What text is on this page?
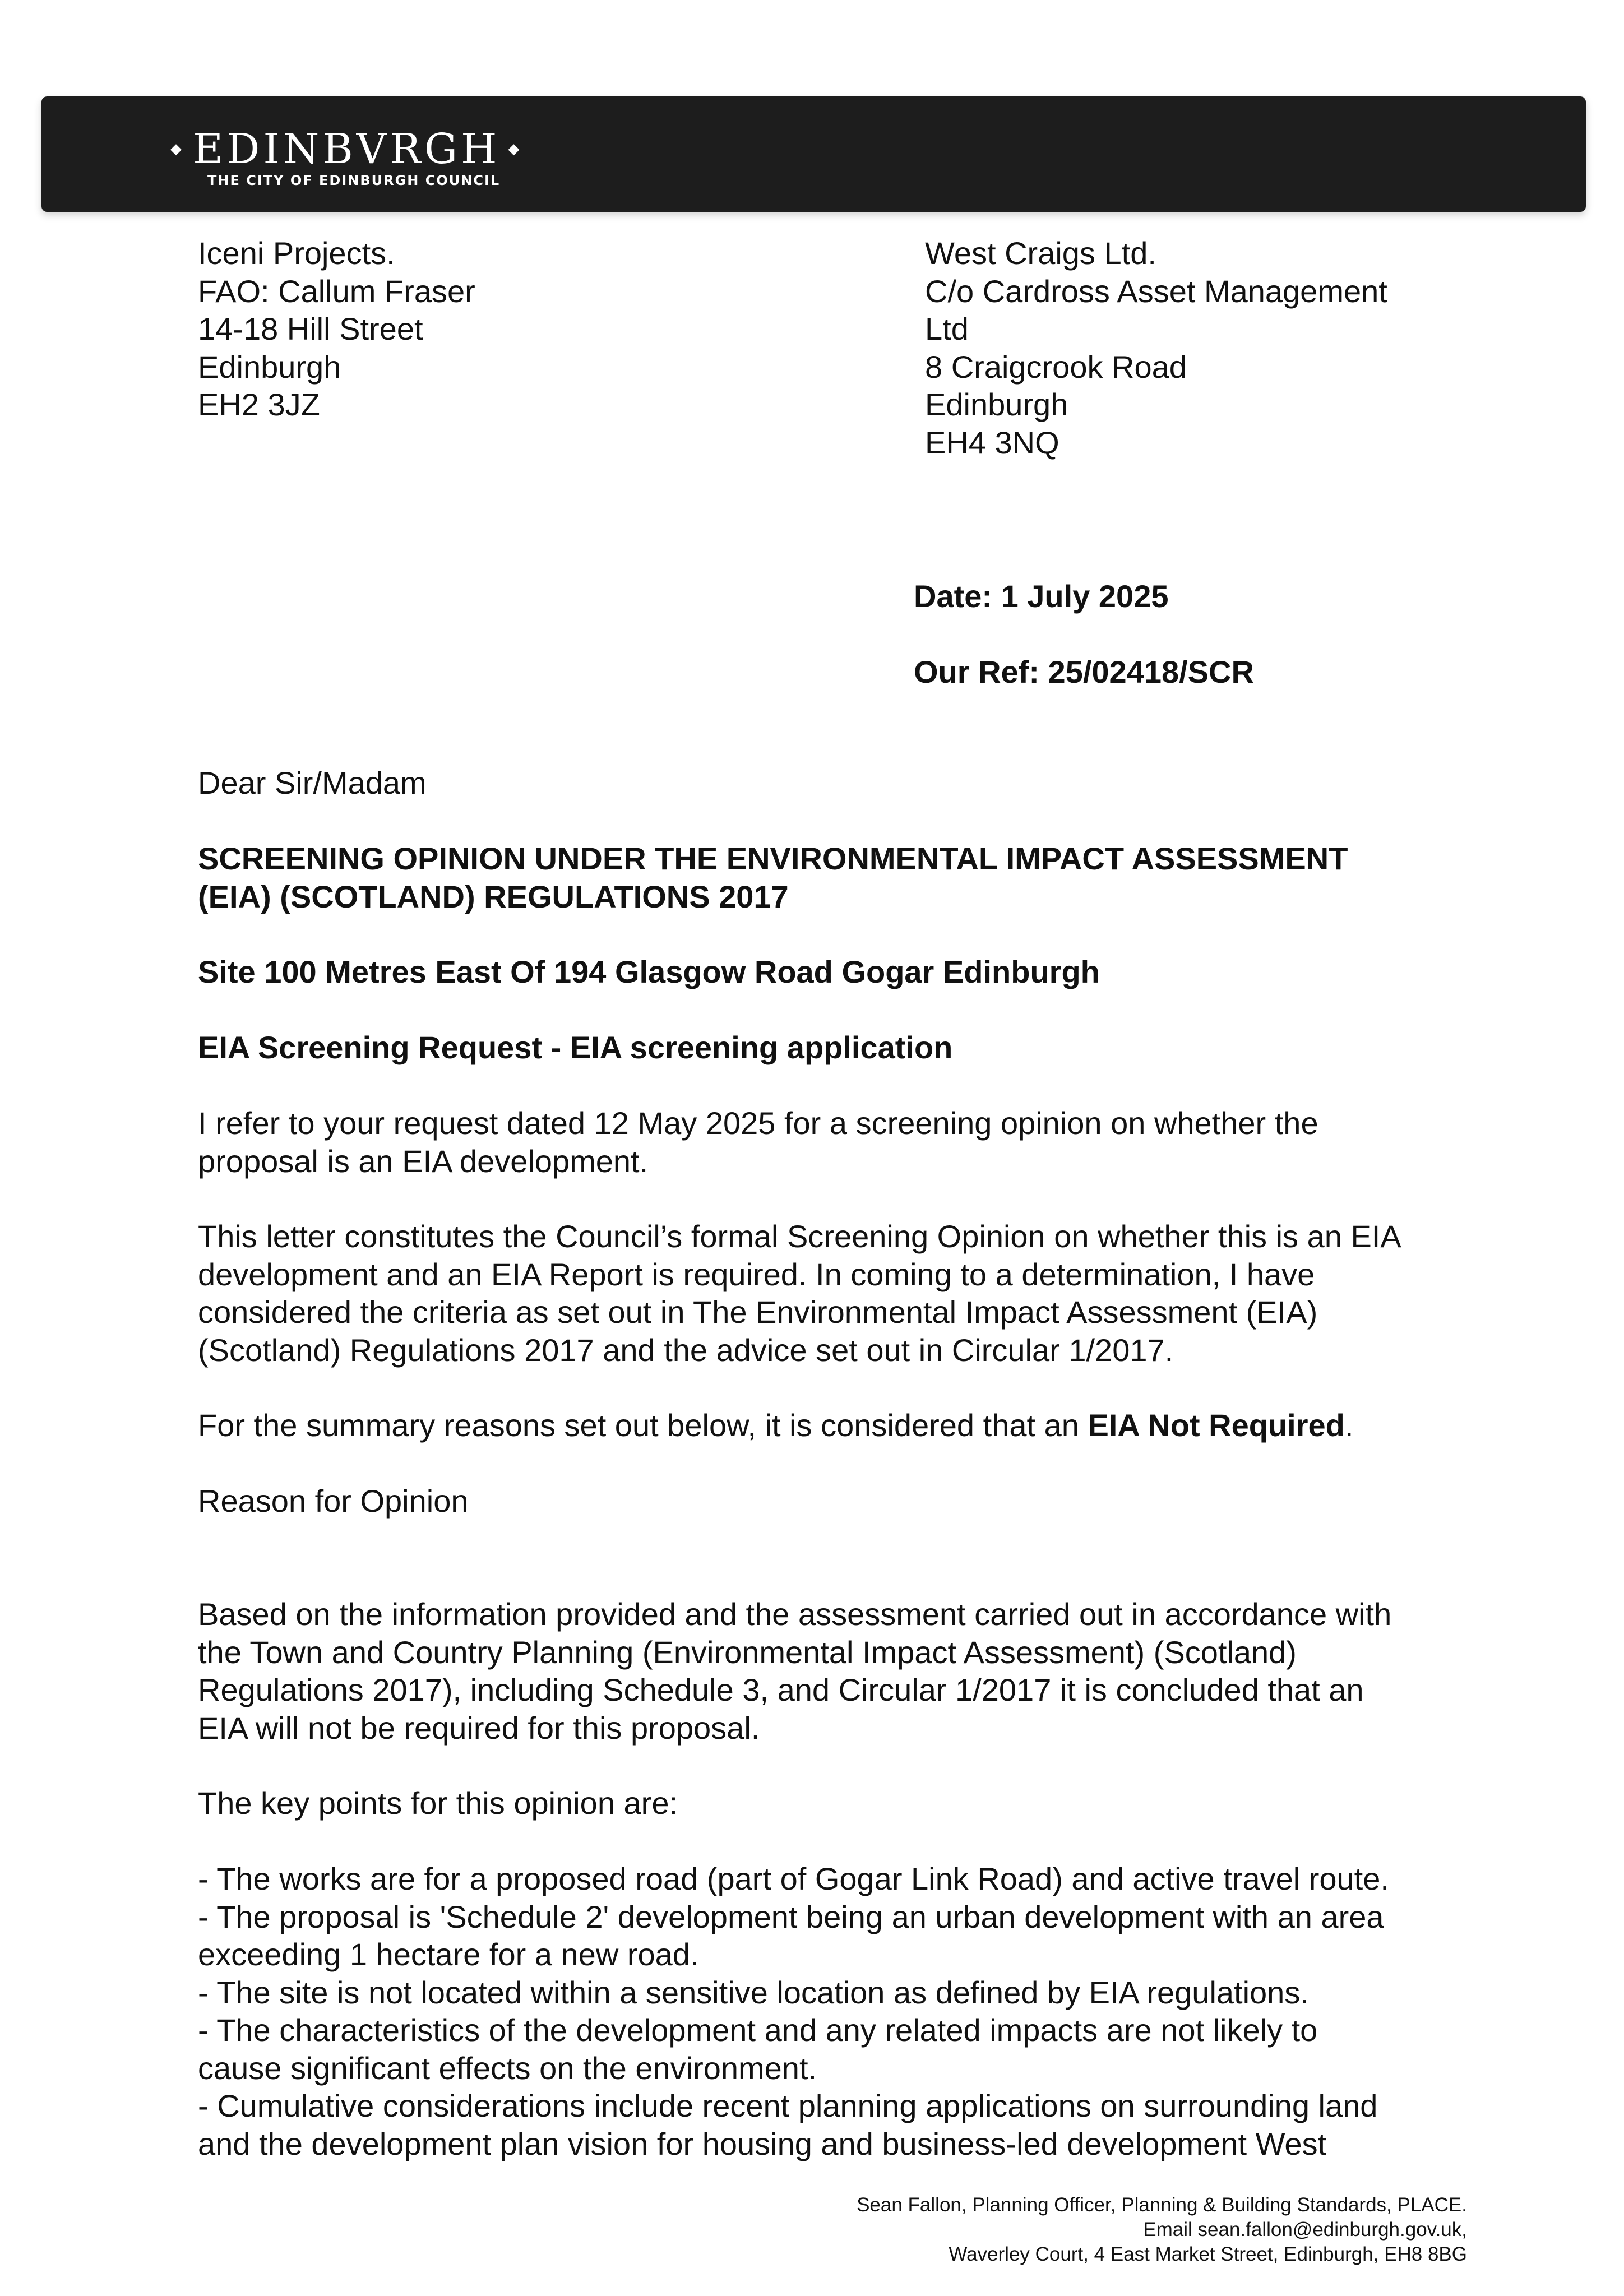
◆ EDINBVRGH ◆
THE CITY OF EDINBURGH COUNCIL
Iceni Projects.
FAO: Callum Fraser
14-18 Hill Street
Edinburgh
EH2 3JZ
West Craigs Ltd.
C/o Cardross Asset Management
Ltd
8 Craigcrook Road
Edinburgh
EH4 3NQ
Date: 1 July 2025
Our Ref: 25/02418/SCR
Dear Sir/Madam
SCREENING OPINION UNDER THE ENVIRONMENTAL IMPACT ASSESSMENT
(EIA) (SCOTLAND) REGULATIONS 2017
Site 100 Metres East Of 194 Glasgow Road Gogar Edinburgh
EIA Screening Request - EIA screening application
I refer to your request dated 12 May 2025 for a screening opinion on whether the
proposal is an EIA development.
This letter constitutes the Council’s formal Screening Opinion on whether this is an EIA
development and an EIA Report is required. In coming to a determination, I have
considered the criteria as set out in The Environmental Impact Assessment (EIA)
(Scotland) Regulations 2017 and the advice set out in Circular 1/2017.
For the summary reasons set out below, it is considered that an EIA Not Required.
Reason for Opinion
Based on the information provided and the assessment carried out in accordance with
the Town and Country Planning (Environmental Impact Assessment) (Scotland)
Regulations 2017), including Schedule 3, and Circular 1/2017 it is concluded that an
EIA will not be required for this proposal.
The key points for this opinion are:
- The works are for a proposed road (part of Gogar Link Road) and active travel route.
- The proposal is 'Schedule 2' development being an urban development with an area
exceeding 1 hectare for a new road.
- The site is not located within a sensitive location as defined by EIA regulations.
- The characteristics of the development and any related impacts are not likely to
cause significant effects on the environment.
- Cumulative considerations include recent planning applications on surrounding land
and the development plan vision for housing and business-led development West
Sean Fallon, Planning Officer, Planning & Building Standards, PLACE.
Email sean.fallon@edinburgh.gov.uk,
Waverley Court, 4 East Market Street, Edinburgh, EH8 8BG
